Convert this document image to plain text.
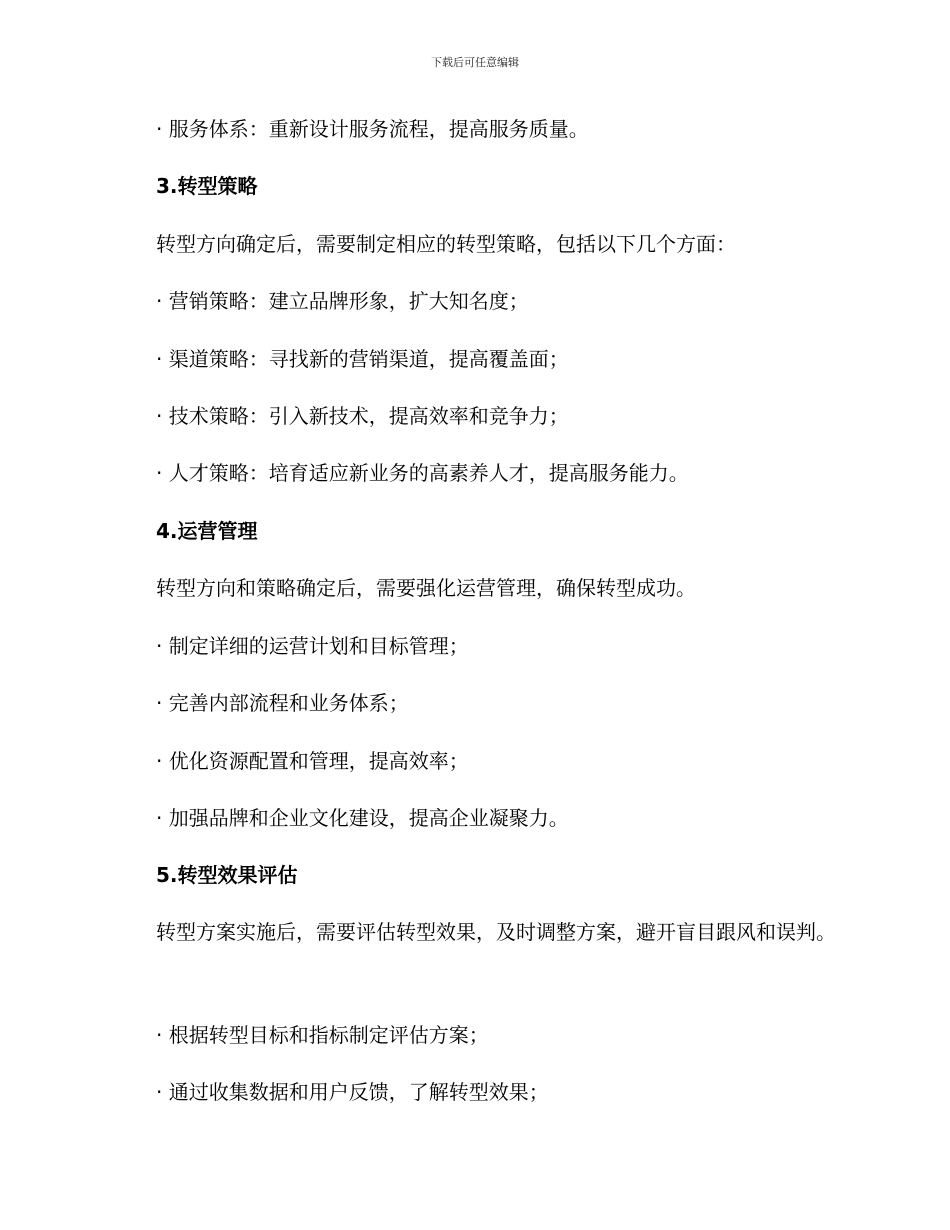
下载后可任意编辑
· 服务体系：重新设计服务流程，提高服务质量。
3.转型策略
转型方向确定后，需要制定相应的转型策略，包括以下几个方面：
· 营销策略：建立品牌形象，扩大知名度；
· 渠道策略：寻找新的营销渠道，提高覆盖面；
· 技术策略：引入新技术，提高效率和竞争力；
· 人才策略：培育适应新业务的高素养人才，提高服务能力。
4.运营管理
转型方向和策略确定后，需要强化运营管理，确保转型成功。
· 制定详细的运营计划和目标管理；
· 完善内部流程和业务体系；
· 优化资源配置和管理，提高效率；
· 加强品牌和企业文化建设，提高企业凝聚力。
5.转型效果评估
转型方案实施后，需要评估转型效果，及时调整方案，避开盲目跟风和误判。
· 根据转型目标和指标制定评估方案；
· 通过收集数据和用户反馈，了解转型效果；
